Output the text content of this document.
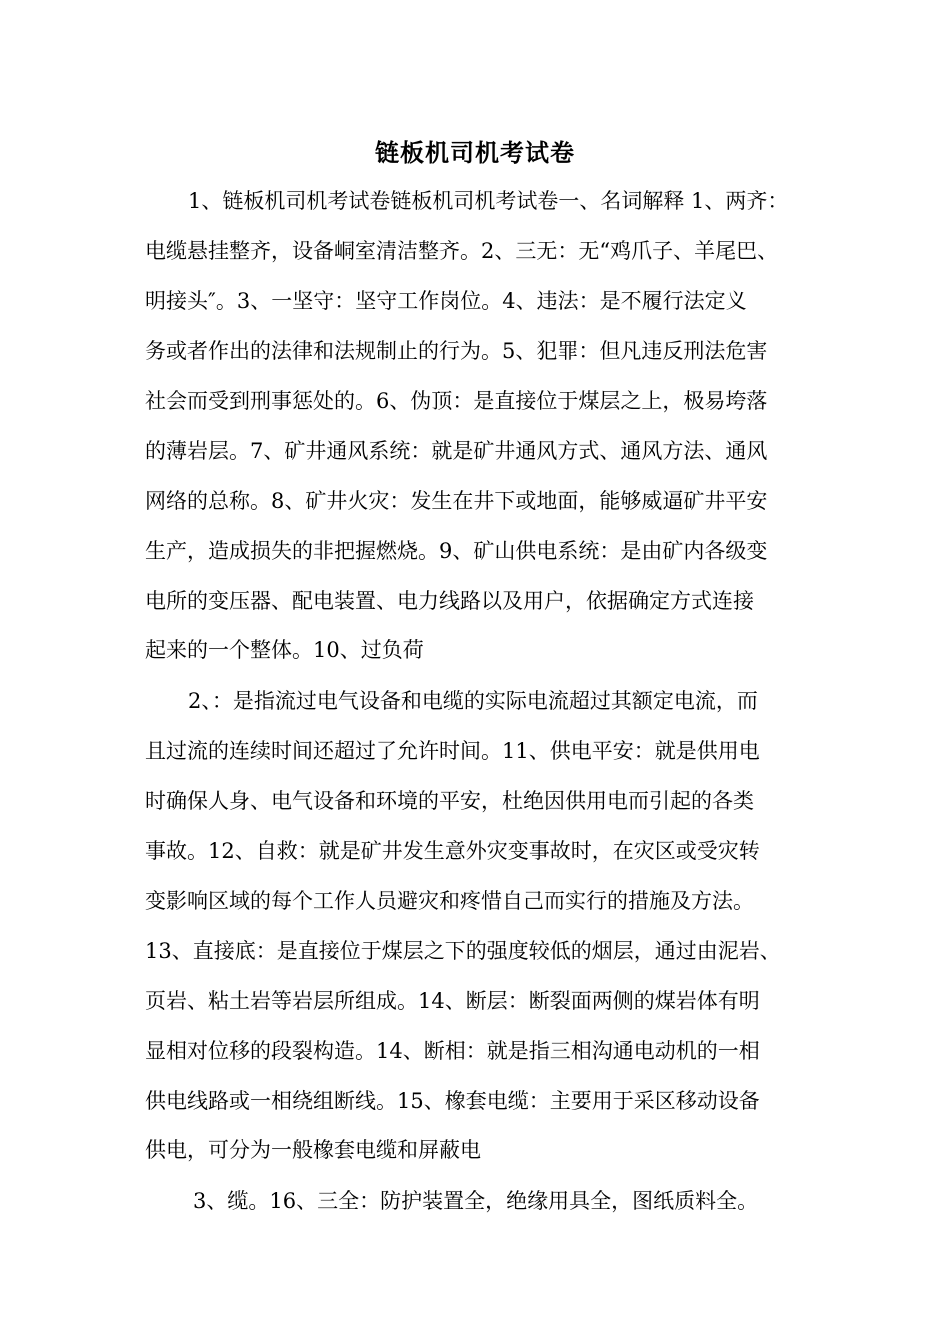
链板机司机考试卷
1、链板机司机考试卷链板机司机考试卷一、名词解释 1、两齐：
电缆悬挂整齐，设备峒室清洁整齐。2、三无：无“鸡爪子、羊尾巴、
明接头″。3、一坚守：坚守工作岗位。4、违法：是不履行法定义
务或者作出的法律和法规制止的行为。5、犯罪：但凡违反刑法危害
社会而受到刑事惩处的。6、伪顶：是直接位于煤层之上，极易垮落
的薄岩层。7、矿井通风系统：就是矿井通风方式、通风方法、通风
网络的总称。8、矿井火灾：发生在井下或地面，能够威逼矿井平安
生产，造成损失的非把握燃烧。9、矿山供电系统：是由矿内各级变
电所的变压器、配电装置、电力线路以及用户，依据确定方式连接
起来的一个整体。10、过负荷
2、：是指流过电气设备和电缆的实际电流超过其额定电流，而
且过流的连续时间还超过了允许时间。11、供电平安：就是供用电
时确保人身、电气设备和环境的平安，杜绝因供用电而引起的各类
事故。12、自救：就是矿井发生意外灾变事故时，在灾区或受灾转
变影响区域的每个工作人员避灾和疼惜自己而实行的措施及方法。
13、直接底：是直接位于煤层之下的强度较低的烟层，通过由泥岩、
页岩、粘土岩等岩层所组成。14、断层：断裂面两侧的煤岩体有明
显相对位移的段裂构造。14、断相：就是指三相沟通电动机的一相
供电线路或一相绕组断线。15、橡套电缆：主要用于采区移动设备
供电，可分为一般橡套电缆和屏蔽电
3、缆。16、三全：防护装置全，绝缘用具全，图纸质料全。
